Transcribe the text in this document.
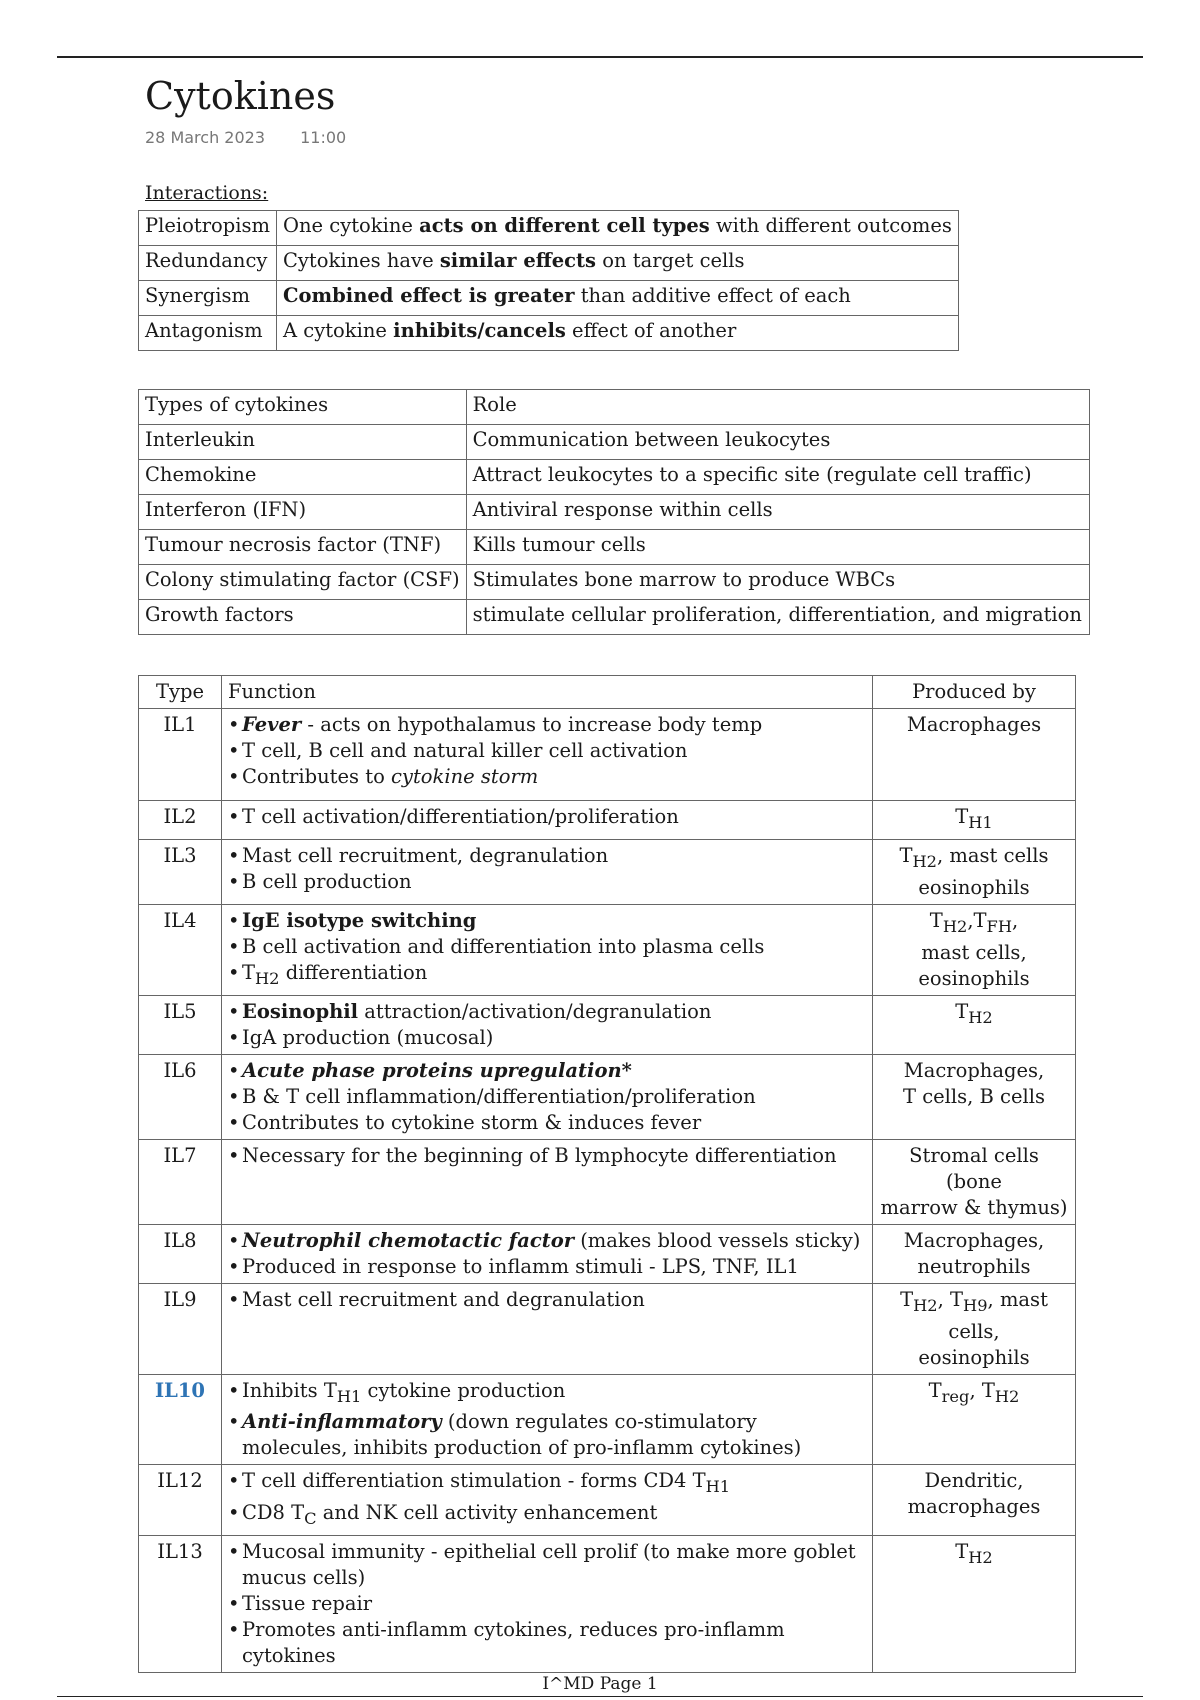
Cytokines
28 March 2023 11:00
Interactions:
Pleiotropism	One cytokine acts on different cell types with different outcomes
Redundancy	Cytokines have similar effects on target cells
Synergism	Combined effect is greater than additive effect of each
Antagonism	A cytokine inhibits/cancels effect of another
Types of cytokines	Role
Interleukin	Communication between leukocytes
Chemokine	Attract leukocytes to a specific site (regulate cell traffic)
Interferon (IFN)	Antiviral response within cells
Tumour necrosis factor (TNF)	Kills tumour cells
Colony stimulating factor (CSF)	Stimulates bone marrow to produce WBCs
Growth factors	stimulate cellular proliferation, differentiation, and migration
Type	Function	Produced by
IL1	• Fever - acts on hypothalamus to increase body temp
• T cell, B cell and natural killer cell activation
• Contributes to cytokine storm	Macrophages
IL2	• T cell activation/differentiation/proliferation	$T_{H1}$
IL3	• Mast cell recruitment, degranulation
• B cell production	$T_{H2}$, mast cells
eosinophils
IL4	• IgE isotype switching
• B cell activation and differentiation into plasma cells
• $T_{H2}$ differentiation	$T_{H2},T_{FH}$,
mast cells,
eosinophils
IL5	• Eosinophil attraction/activation/degranulation
• IgA production (mucosal)	$T_{H2}$
IL6	• Acute phase proteins upregulation*
• B & T cell inflammation/differentiation/proliferation
• Contributes to cytokine storm & induces fever	Macrophages,
T cells, B cells
IL7	• Necessary for the beginning of B lymphocyte differentiation	Stromal cells (bone
marrow & thymus)
IL8	• Neutrophil chemotactic factor (makes blood vessels sticky)
• Produced in response to inflamm stimuli - LPS, TNF, IL1	Macrophages,
neutrophils
IL9	• Mast cell recruitment and degranulation	$T_{H2}$, $T_{H9}$, mast cells,
eosinophils
IL10	• Inhibits $T_{H1}$ cytokine production
• Anti-inflammatory (down regulates co-stimulatory molecules, inhibits production of pro-inflamm cytokines)	$T_{reg}$, $T_{H2}$
IL12	• T cell differentiation stimulation - forms CD4 $T_{H1}$
• CD8 $T_C$ and NK cell activity enhancement	Dendritic,
macrophages
IL13	• Mucosal immunity - epithelial cell prolif (to make more goblet mucus cells)
• Tissue repair
• Promotes anti-inflamm cytokines, reduces pro-inflamm cytokines	$T_{H2}$
I^MD Page 1
